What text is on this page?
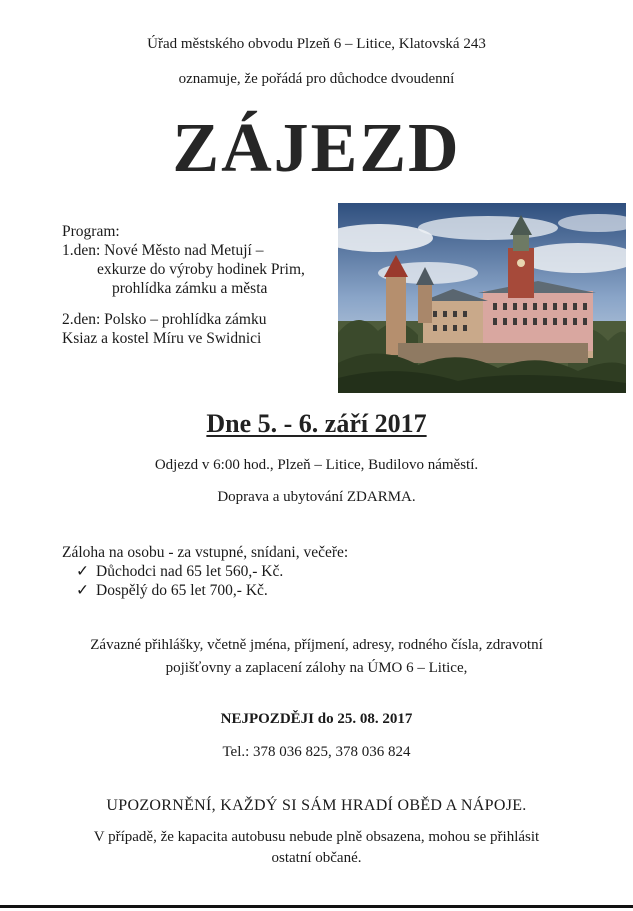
Úřad městského obvodu Plzeň 6 – Litice, Klatovská 243
oznamuje, že pořádá pro důchodce dvoudenní
ZÁJEZD
Program:
1.den: Nové Město nad Metují –
exkurze do výroby hodinek Prim,
prohlídka zámku a města
2.den: Polsko – prohlídka zámku
Ksiaz a kostel Míru ve Swidnici
Dne 5. - 6. září 2017
Odjezd v 6:00 hod., Plzeň – Litice, Budilovo náměstí.
Doprava a ubytování ZDARMA.
Záloha na osobu - za vstupné, snídani, večeře:
✓ Důchodci nad 65 let 560,- Kč.
✓ Dospělý do 65 let 700,- Kč.
Závazné přihlášky, včetně jména, příjmení, adresy, rodného čísla, zdravotní
pojišťovny a zaplacení zálohy na ÚMO 6 – Litice,
NEJPOZDĚJI do 25. 08. 2017
Tel.: 378 036 825, 378 036 824
UPOZORNĚNÍ, KAŽDÝ SI SÁM HRADÍ OBĚD A NÁPOJE.
V případě, že kapacita autobusu nebude plně obsazena, mohou se přihlásit
ostatní občané.
